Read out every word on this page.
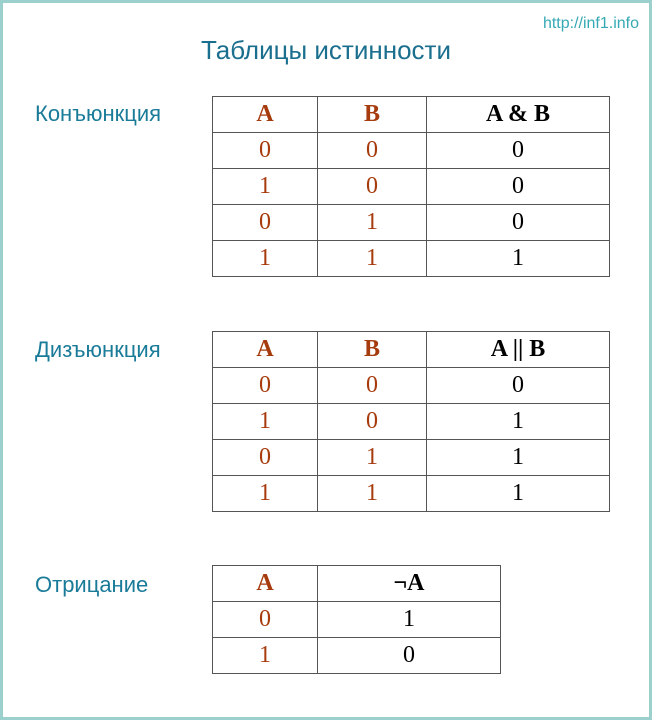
http://inf1.info
Таблицы истинности
Конъюнкция	A	B	A & B
0	0	0
1	0	0
0	1	0
1	1	1
Дизъюнкция	A	B	A || B
0	0	0
1	0	1
0	1	1
1	1	1
Отрицание	A	¬A
0	1
1	0
